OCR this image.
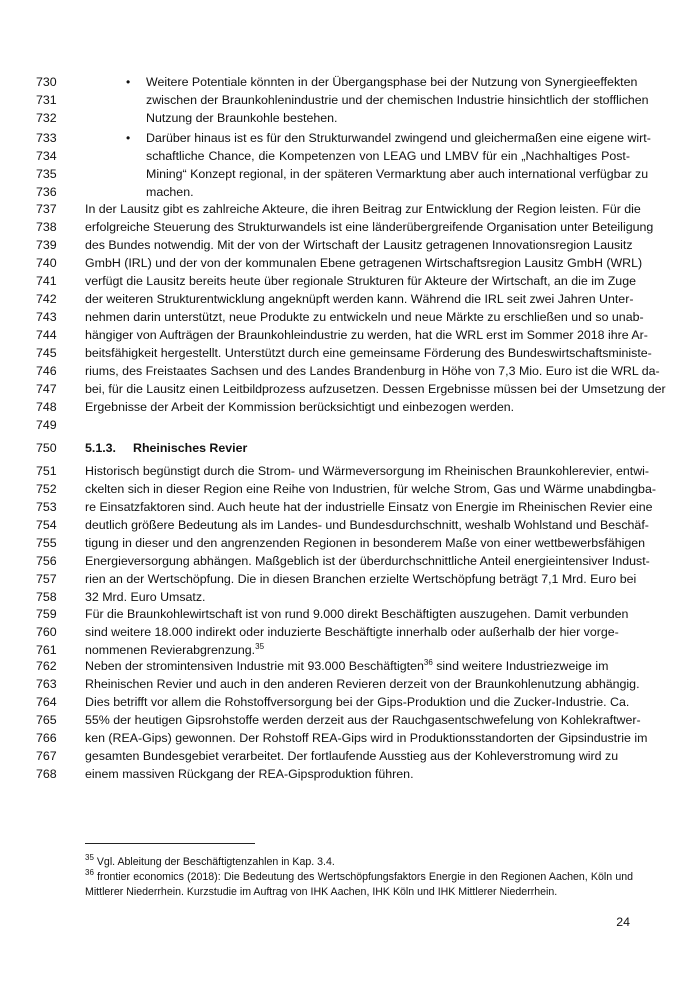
730	• Weitere Potentiale könnten in der Übergangsphase bei der Nutzung von Synergieeffekten
731	zwischen der Braunkohlenindustrie und der chemischen Industrie hinsichtlich der stofflichen
732	Nutzung der Braunkohle bestehen.
733	• Darüber hinaus ist es für den Strukturwandel zwingend und gleichermaßen eine eigene wirt-
734	schaftliche Chance, die Kompetenzen von LEAG und LMBV für ein „Nachhaltiges Post-
735	Mining“ Konzept regional, in der späteren Vermarktung aber auch international verfügbar zu
736	machen.
737	In der Lausitz gibt es zahlreiche Akteure, die ihren Beitrag zur Entwicklung der Region leisten. Für die
738	erfolgreiche Steuerung des Strukturwandels ist eine länderübergreifende Organisation unter Beteiligung
739	des Bundes notwendig. Mit der von der Wirtschaft der Lausitz getragenen Innovationsregion Lausitz
740	GmbH (IRL) und der von der kommunalen Ebene getragenen Wirtschaftsregion Lausitz GmbH (WRL)
741	verfügt die Lausitz bereits heute über regionale Strukturen für Akteure der Wirtschaft, an die im Zuge
742	der weiteren Strukturentwicklung angeknüpft werden kann. Während die IRL seit zwei Jahren Unter-
743	nehmen darin unterstützt, neue Produkte zu entwickeln und neue Märkte zu erschließen und so unab-
744	hängiger von Aufträgen der Braunkohleindustrie zu werden, hat die WRL erst im Sommer 2018 ihre Ar-
745	beitsfähigkeit hergestellt. Unterstützt durch eine gemeinsame Förderung des Bundeswirtschaftsministe-
746	riums, des Freistaates Sachsen und des Landes Brandenburg in Höhe von 7,3 Mio. Euro ist die WRL da-
747	bei, für die Lausitz einen Leitbildprozess aufzusetzen. Dessen Ergebnisse müssen bei der Umsetzung der
748	Ergebnisse der Arbeit der Kommission berücksichtigt und einbezogen werden.
749
750	5.1.3. Rheinisches Revier
751	Historisch begünstigt durch die Strom- und Wärmeversorgung im Rheinischen Braunkohlerevier, entwi-
752	ckelten sich in dieser Region eine Reihe von Industrien, für welche Strom, Gas und Wärme unabdingba-
753	re Einsatzfaktoren sind. Auch heute hat der industrielle Einsatz von Energie im Rheinischen Revier eine
754	deutlich größere Bedeutung als im Landes- und Bundesdurchschnitt, weshalb Wohlstand und Beschäf-
755	tigung in dieser und den angrenzenden Regionen in besonderem Maße von einer wettbewerbsfähigen
756	Energieversorgung abhängen. Maßgeblich ist der überdurchschnittliche Anteil energieintensiver Indust-
757	rien an der Wertschöpfung. Die in diesen Branchen erzielte Wertschöpfung beträgt 7,1 Mrd. Euro bei
758	32 Mrd. Euro Umsatz.
759	Für die Braunkohlewirtschaft ist von rund 9.000 direkt Beschäftigten auszugehen. Damit verbunden
760	sind weitere 18.000 indirekt oder induzierte Beschäftigte innerhalb oder außerhalb der hier vorge-
761	nommenen Revierabgrenzung.$^{35}$
762	Neben der stromintensiven Industrie mit 93.000 Beschäftigten$^{36}$ sind weitere Industriezweige im
763	Rheinischen Revier und auch in den anderen Revieren derzeit von der Braunkohlenutzung abhängig.
764	Dies betrifft vor allem die Rohstoffversorgung bei der Gips-Produktion und die Zucker-Industrie. Ca.
765	55% der heutigen Gipsrohstoffe werden derzeit aus der Rauchgasentschwefelung von Kohlekraftwer-
766	ken (REA-Gips) gewonnen. Der Rohstoff REA-Gips wird in Produktionsstandorten der Gipsindustrie im
767	gesamten Bundesgebiet verarbeitet. Der fortlaufende Ausstieg aus der Kohleverstromung wird zu
768	einem massiven Rückgang der REA-Gipsproduktion führen.
$^{35}$ Vgl. Ableitung der Beschäftigtenzahlen in Kap. 3.4.
$^{36}$ frontier economics (2018): Die Bedeutung des Wertschöpfungsfaktors Energie in den Regionen Aachen, Köln und
Mittlerer Niederrhein. Kurzstudie im Auftrag von IHK Aachen, IHK Köln und IHK Mittlerer Niederrhein.
24
